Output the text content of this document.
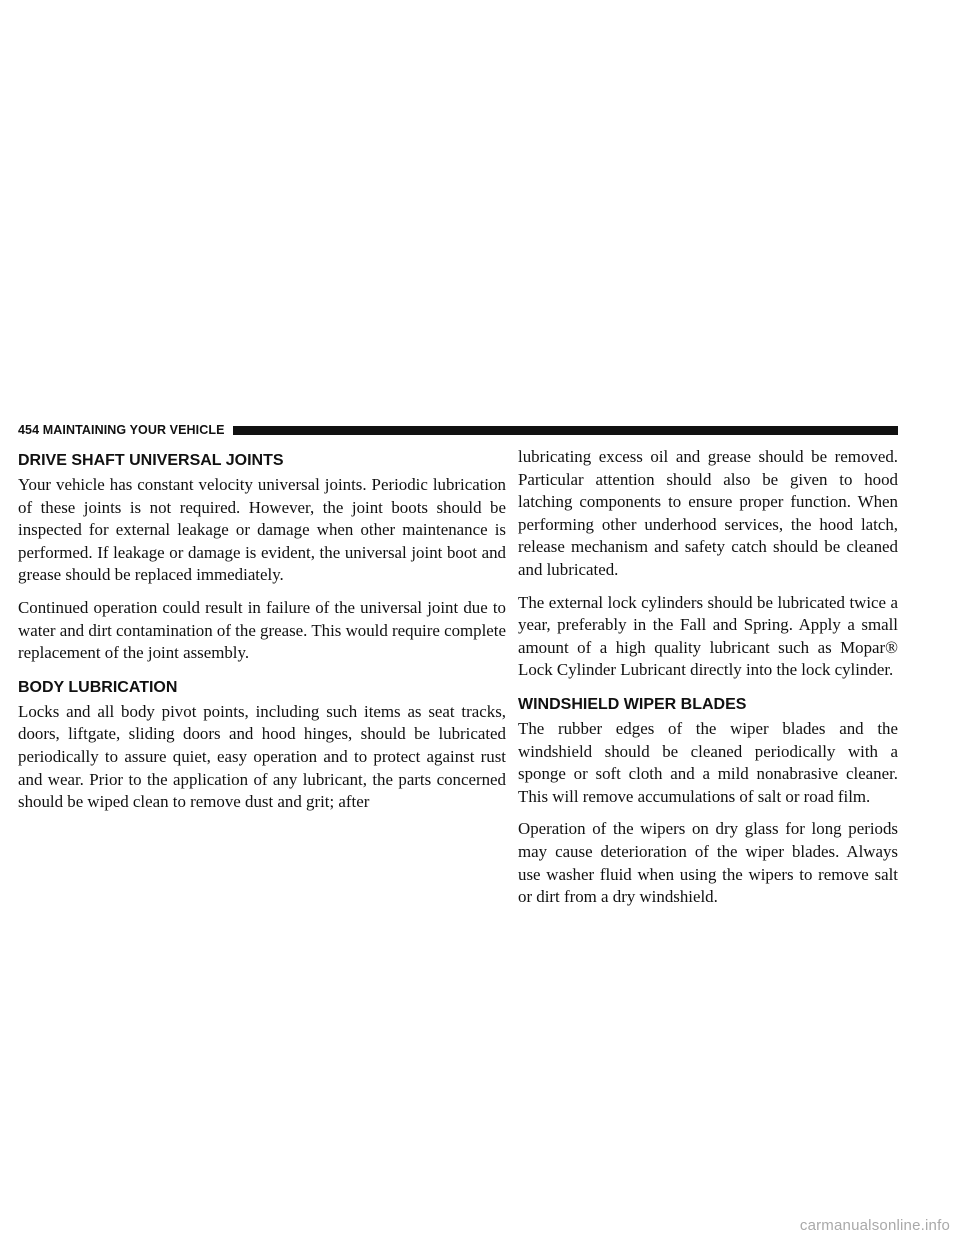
454 MAINTAINING YOUR VEHICLE
DRIVE SHAFT UNIVERSAL JOINTS

Your vehicle has constant velocity universal joints. Periodic lubrication of these joints is not required. However, the joint boots should be inspected for external leakage or damage when other maintenance is performed. If leakage or damage is evident, the universal joint boot and grease should be replaced immediately.

Continued operation could result in failure of the universal joint due to water and dirt contamination of the grease. This would require complete replacement of the joint assembly.

BODY LUBRICATION

Locks and all body pivot points, including such items as seat tracks, doors, liftgate, sliding doors and hood hinges, should be lubricated periodically to assure quiet, easy operation and to protect against rust and wear. Prior to the application of any lubricant, the parts concerned should be wiped clean to remove dust and grit; after

lubricating excess oil and grease should be removed. Particular attention should also be given to hood latching components to ensure proper function. When performing other underhood services, the hood latch, release mechanism and safety catch should be cleaned and lubricated.

The external lock cylinders should be lubricated twice a year, preferably in the Fall and Spring. Apply a small amount of a high quality lubricant such as Mopar® Lock Cylinder Lubricant directly into the lock cylinder.

WINDSHIELD WIPER BLADES

The rubber edges of the wiper blades and the windshield should be cleaned periodically with a sponge or soft cloth and a mild nonabrasive cleaner. This will remove accumulations of salt or road film.

Operation of the wipers on dry glass for long periods may cause deterioration of the wiper blades. Always use washer fluid when using the wipers to remove salt or dirt from a dry windshield.

carmanualsonline.info
